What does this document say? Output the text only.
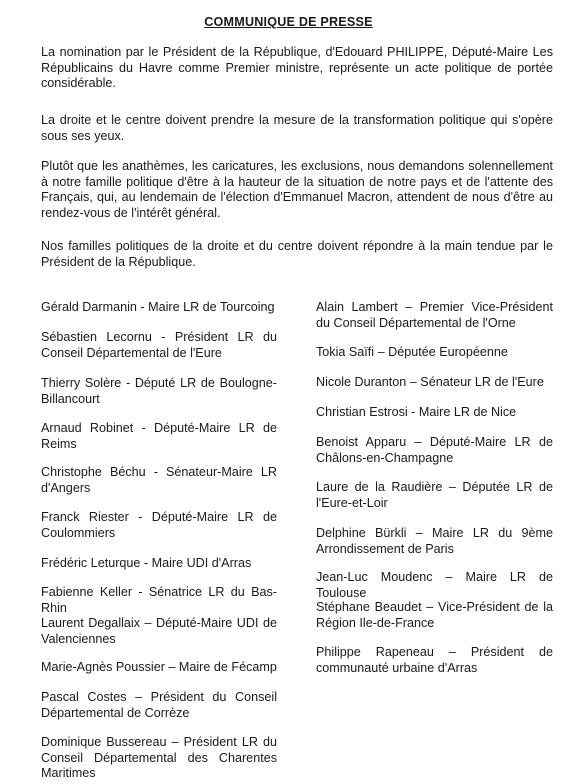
COMMUNIQUE DE PRESSE

La nomination par le Président de la République, d'Edouard PHILIPPE, Député-Maire Les Républicains du Havre comme Premier ministre, représente un acte politique de portée considérable.

La droite et le centre doivent prendre la mesure de la transformation politique qui s'opère sous ses yeux.

Plutôt que les anathèmes, les caricatures, les exclusions, nous demandons solennellement à notre famille politique d'être à la hauteur de la situation de notre pays et de l'attente des Français, qui, au lendemain de l'élection d'Emmanuel Macron, attendent de nous d'être au rendez-vous de l'intérêt général.

Nos familles politiques de la droite et du centre doivent répondre à la main tendue par le Président de la République.

Gérald Darmanin - Maire LR de Tourcoing
Sébastien Lecornu - Président LR du Conseil Départemental de l'Eure
Thierry Solère - Député LR de Boulogne-Billancourt
Arnaud Robinet - Député-Maire LR de Reims
Christophe Béchu - Sénateur-Maire LR d'Angers
Franck Riester - Député-Maire LR de Coulommiers
Frédéric Leturque - Maire UDI d'Arras
Fabienne Keller - Sénatrice LR du Bas-Rhin
Laurent Degallaix – Député-Maire UDI de Valenciennes
Marie-Agnès Poussier – Maire de Fécamp
Pascal Costes – Président du Conseil Départemental de Corrèze
Dominique Bussereau – Président LR du Conseil Départemental des Charentes Maritimes
Alain Lambert – Premier Vice-Président du Conseil Départemental de l'Orne
Tokia Saïfi – Députée Européenne
Nicole Duranton – Sénateur LR de l'Eure
Christian Estrosi - Maire LR de Nice
Benoist Apparu – Député-Maire LR de Châlons-en-Champagne
Laure de la Raudière – Députée LR de l'Eure-et-Loir
Delphine Bürkli – Maire LR du 9ème Arrondissement de Paris
Jean-Luc Moudenc – Maire LR de Toulouse
Stéphane Beaudet – Vice-Président de la Région Ile-de-France
Philippe Rapeneau – Président de communauté urbaine d'Arras
